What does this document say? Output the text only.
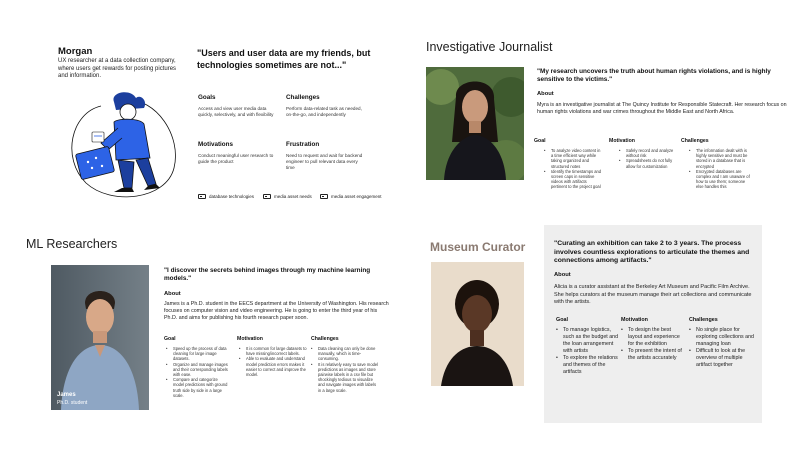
Morgan
UX researcher at a data collection company, where users get rewards for posting pictures and information.
"Users and user data are my friends, but technologies sometimes are not..."
Goals
Access and view user media data quickly, selectively, and with flexibility
Challenges
Perform data-related task as needed, on-the-go, and independently
Motivations
Conduct meaningful user research to guide the product
Frustration
Need to request and wait for backend engineer to pull relevant data every time
database technologies	media asset needs	media asset engagement
Investigative Journalist
"My research uncovers the truth about human rights violations, and is highly sensitive to the victims."
About
Myra is an investigative journalist at The Quincy Institute for Responsible Statecraft. Her research focus on human rights violations and war crimes throughout the Middle East and North Africa.
Goal
• To analyze video content in a time efficient way while taking organized and structured notes
• Identify the timestamps and screen caps in sensitive videos with artifacts pertinent to the project goal
Motivation
• Safely record and analyze without risk
• Spreadsheets do not fully allow for customization
Challenges
• The information dealt with is highly sensitive and must be stored in a database that is encrypted
• Encrypted databases are complex and I am unaware of how to use them; someone else handles this
ML Researchers
James
Ph.D. student
"I discover the secrets behind images through my machine learning models."
About
James is a Ph.D. student in the EECS department at the University of Washington. His research focuses on computer vision and video engineering. He is going to enter the third year of his Ph.D. and aims for publishing his fourth research paper soon.
Goal
• Speed up the process of data cleaning for large image datasets.
• Organize and manage images and their corresponding labels with ease.
• Compare and categorize model predictions with ground truth side by side in a large scale.
Motivation
• It is common for large datasets to have missing/incorrect labels.
• Able to evaluate and understand model prediction errors makes it easier to correct and improve the model.
Challenges
• Data cleaning can only be done manually, which is time-consuming.
• It is relatively easy to save model predictions as images and store pairwise labels in a csv file but shockingly tedious to visualize and navigate images with labels in a large scale.
Museum Curator	"Curating an exhibition can take 2 to 3 years. The process involves countless explorations to articulate the themes and connections among artifacts."
About
Alicia is a curator assistant at the Berkeley Art Museum and Pacific Film Archive. She helps curators at the museum manage their art collections and communicate with the artists.
Goal
• To manage logistics, such as the budget and the loan arrangement with artists
• To explore the relations and themes of the artifacts
Motivation
• To design the best layout and experience for the exhibition
• To present the intent of the artists accurately
Challenges
• No single place for exploring collections and managing loan
• Difficult to look at the overview of multiple artifact together
